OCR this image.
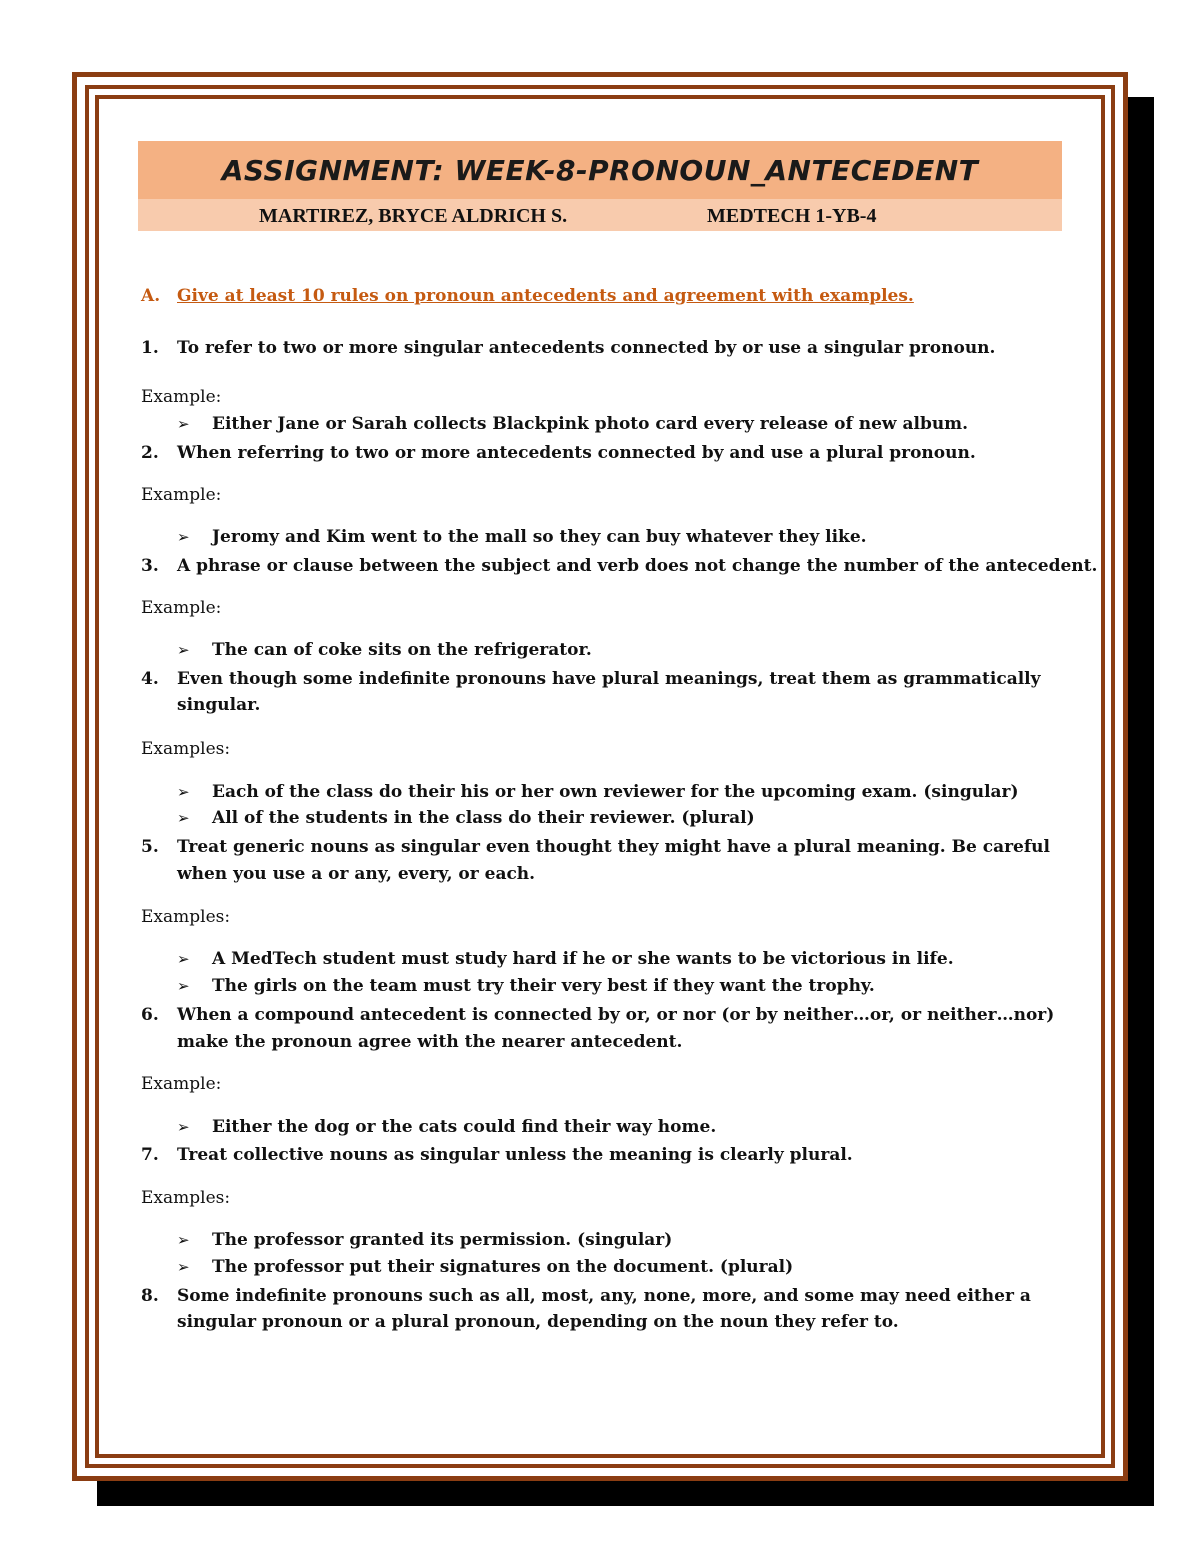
ASSIGNMENT: WEEK-8-PRONOUN_ANTECEDENT
MARTIREZ, BRYCE ALDRICH S.	MEDTECH 1-YB-4
A. Give at least 10 rules on pronoun antecedents and agreement with examples.
1. To refer to two or more singular antecedents connected by or use a singular pronoun.
Example:
➢ Either Jane or Sarah collects Blackpink photo card every release of new album.
2. When referring to two or more antecedents connected by and use a plural pronoun.
Example:
➢ Jeromy and Kim went to the mall so they can buy whatever they like.
3. A phrase or clause between the subject and verb does not change the number of the antecedent.
Example:
➢ The can of coke sits on the refrigerator.
4. Even though some indefinite pronouns have plural meanings, treat them as grammatically
singular.
Examples:
➢ Each of the class do their his or her own reviewer for the upcoming exam. (singular)
➢ All of the students in the class do their reviewer. (plural)
5. Treat generic nouns as singular even thought they might have a plural meaning. Be careful
when you use a or any, every, or each.
Examples:
➢ A MedTech student must study hard if he or she wants to be victorious in life.
➢ The girls on the team must try their very best if they want the trophy.
6. When a compound antecedent is connected by or, or nor (or by neither…or, or neither…nor)
make the pronoun agree with the nearer antecedent.
Example:
➢ Either the dog or the cats could find their way home.
7. Treat collective nouns as singular unless the meaning is clearly plural.
Examples:
➢ The professor granted its permission. (singular)
➢ The professor put their signatures on the document. (plural)
8. Some indefinite pronouns such as all, most, any, none, more, and some may need either a
singular pronoun or a plural pronoun, depending on the noun they refer to.
